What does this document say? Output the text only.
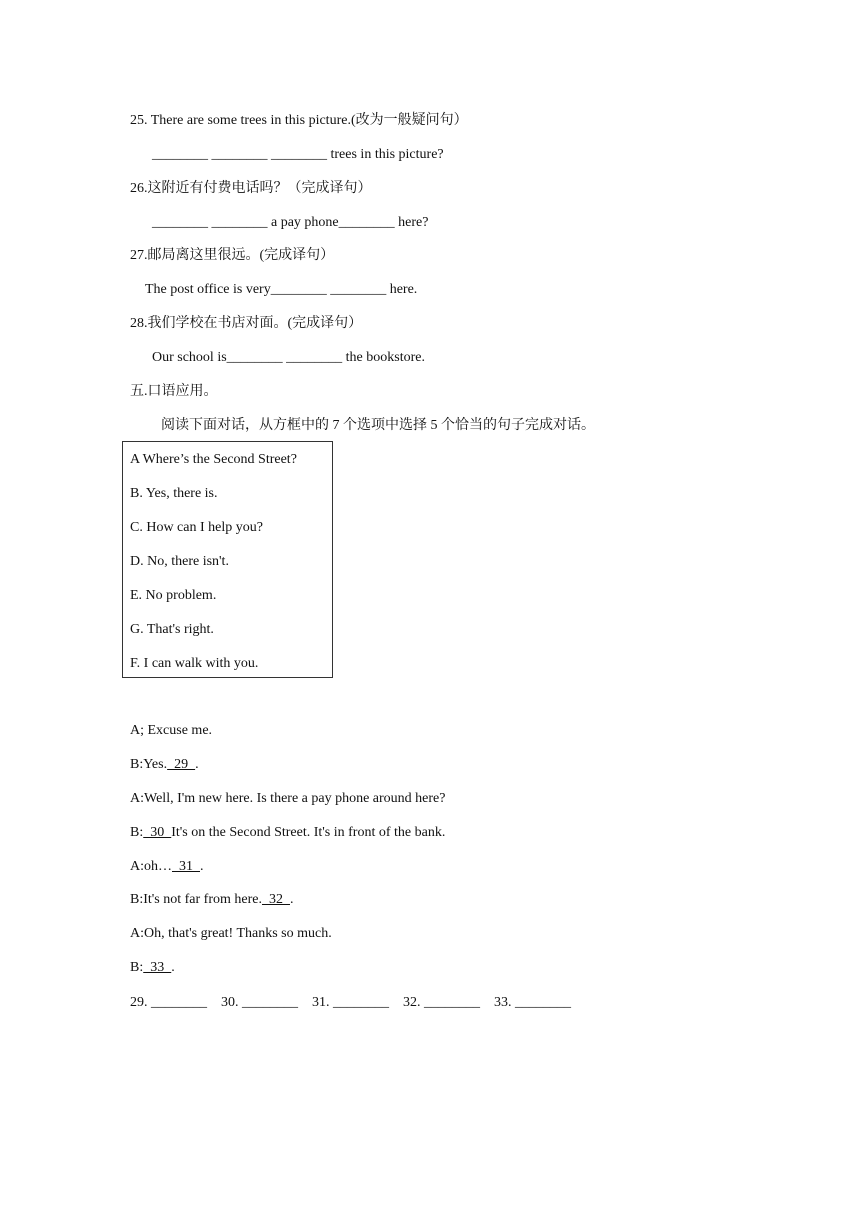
25. There are some trees in this picture.(改为一般疑问句）
________ ________ ________ trees in this picture?
26.这附近有付费电话吗？（完成译句）
________ ________ a pay phone________ here?
27.邮局离这里很远。(完成译句）
The post office is very________ ________ here.
28.我们学校在书店对面。(完成译句）
Our school is________ ________ the bookstore.
五.口语应用。
阅读下面对话，从方框中的 7 个选项中选择 5 个恰当的句子完成对话。
A Where’s the Second Street?
B. Yes, there is.
C. How can I help you?
D. No, there isn't.
E. No problem.
G. That's right.
F. I can walk with you.
A; Excuse me.
B:Yes.  29  .
A:Well, I'm new here. Is there a pay phone around here?
B:  30  It's on the Second Street. It's in front of the bank.
A:oh…  31  .
B:It's not far from here.  32  .
A:Oh, that's great! Thanks so much.
B:  33  .
29. ________    30. ________    31. ________    32. ________    33. ________
